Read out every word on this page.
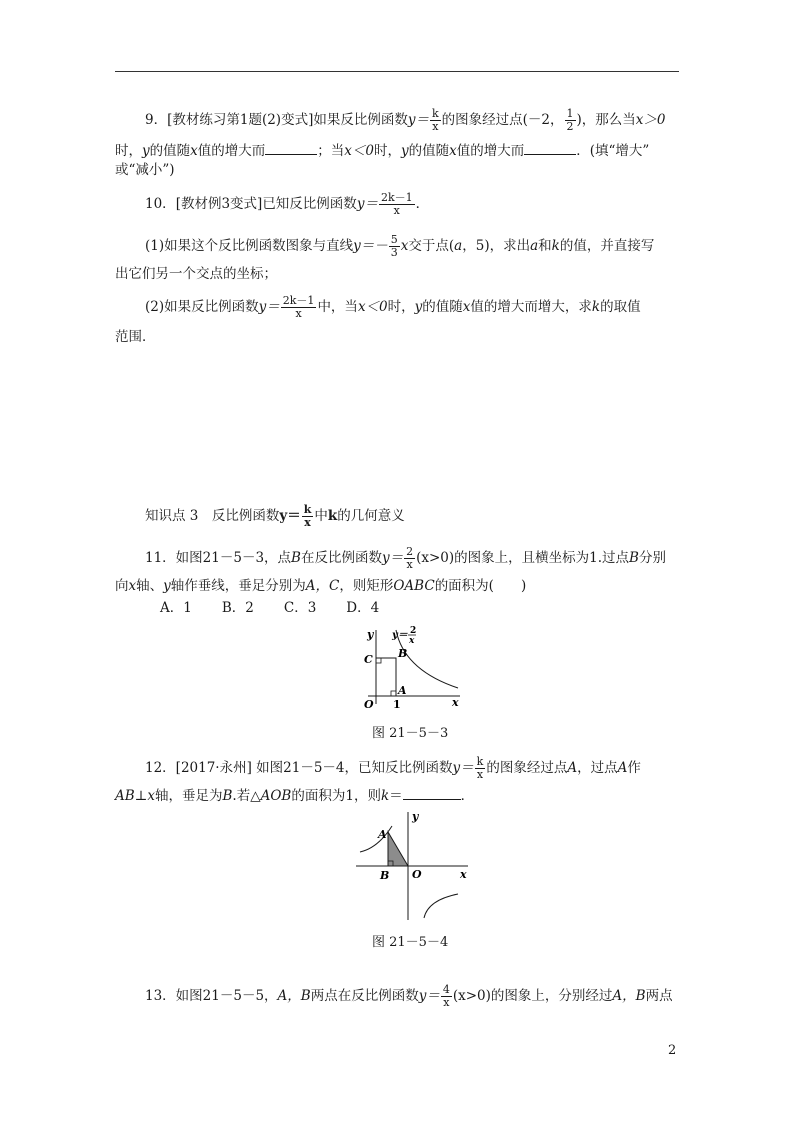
9．[教材练习第1题(2)变式]如果反比例函数$y= \frac{k}{x}$ 的图象经过点(－2， $\frac{1}{2}$ )，那么当x＞0
时，y的值随x值的增大而	；当x＜0时，y的值随x值的增大而	．(填“增大”
或“减小”)
10．[教材例3变式]已知反比例函数$y= \frac{2k-1}{x}$ ．
(1)如果这个反比例函数图象与直线$y=- \frac{5}{3}$ x交于点(a，5)，求出a和k的值，并直接写
出它们另一个交点的坐标；
(2)如果反比例函数$y= \frac{2k-1}{x}$ 中，当x＜0时，y的值随x值的增大而增大，求k的取值
范围．
知识点 3　反比例函数$y= \frac{k}{x}$ 中k的几何意义
11．如图21－5－3，点B在反比例函数$y= \frac{2}{x} (x>0)$的图象上，且横坐标为1.过点B分别
向x轴、y轴作垂线，垂足分别为A，C，则矩形OABC的面积为(　　)
A．1 B．2 C．3 D．4
y
x
O
C B
A
1
y＝ 2
x
图 21－5－3
12．[2017·永州] 如图21－5－4，已知反比例函数$y= \frac{k}{x}$ 的图象经过点A，过点A作
AB⊥x轴，垂足为B.若△AOB的面积为1，则k＝	．
y
x
O
A
B
图 21－5－4
13．如图21－5－5，A，B两点在反比例函数$y= \frac{4}{x} (x>0)$的图象上，分别经过A，B两点
2
